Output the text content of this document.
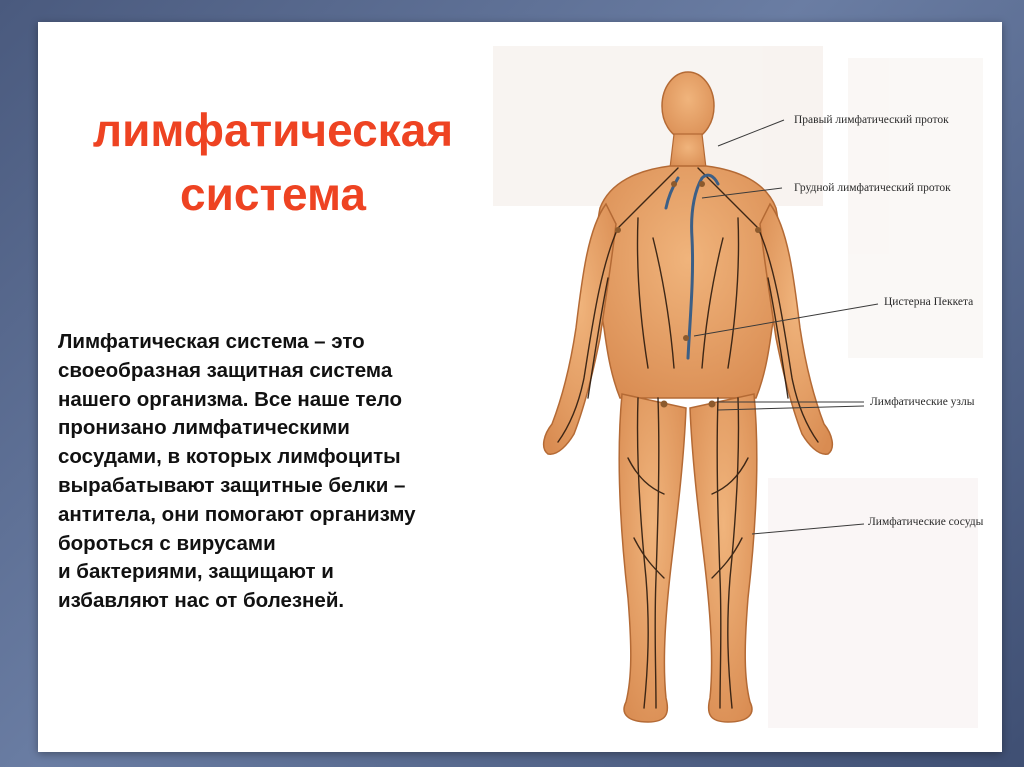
лимфатическая
система
Лимфатическая система – это
своеобразная защитная система
нашего организма. Все наше тело
пронизано лимфатическими
сосудами, в которых лимфоциты
вырабатывают защитные белки –
антитела, они помогают организму
бороться с вирусами
и бактериями, защищают и
избавляют нас от болезней.
Правый лимфатический проток
Грудной лимфатический проток
Цистерна Пеккета
Лимфатические узлы
Лимфатические сосуды
